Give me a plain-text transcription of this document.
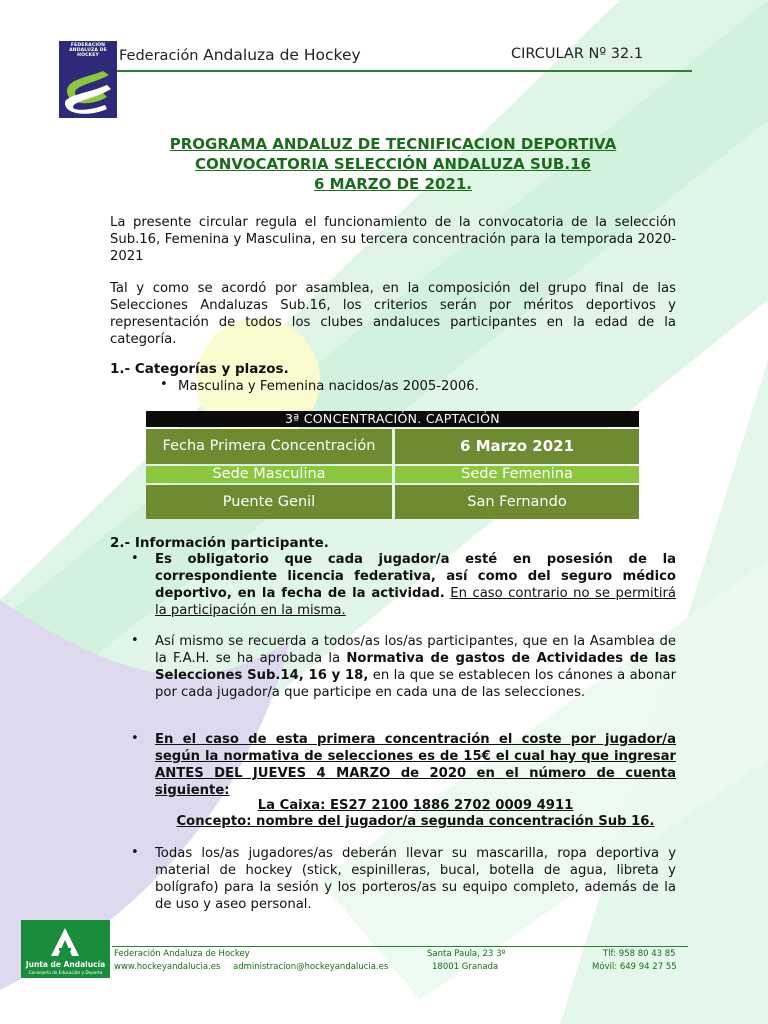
FEDERACIÓN ANDALUZA DE HOCKEY	Federación Andaluza de Hockey	CIRCULAR Nº 32.1
PROGRAMA ANDALUZ DE TECNIFICACION DEPORTIVA
CONVOCATORIA SELECCIÓN ANDALUZA SUB.16
6 MARZO DE 2021.
La presente circular regula el funcionamiento de la convocatoria de la selección Sub.16, Femenina y Masculina, en su tercera concentración para la temporada 2020-2021
Tal y como se acordó por asamblea, en la composición del grupo final de las Selecciones Andaluzas Sub.16, los criterios serán por méritos deportivos y representación de todos los clubes andaluces participantes en la edad de la categoría.
1.- Categorías y plazos.
• Masculina y Femenina nacidos/as 2005-2006.
3ª CONCENTRACIÓN. CAPTACIÓN
Fecha Primera Concentración	6 Marzo 2021
Sede Masculina	Sede Femenina
Puente Genil	San Fernando
2.- Información participante.
• Es obligatorio que cada jugador/a esté en posesión de la correspondiente licencia federativa, así como del seguro médico deportivo, en la fecha de la actividad. En caso contrario no se permitirá la participación en la misma.
• Así mismo se recuerda a todos/as los/as participantes, que en la Asamblea de la F.A.H. se ha aprobada la Normativa de gastos de Actividades de las Selecciones Sub.14, 16 y 18, en la que se establecen los cánones a abonar por cada jugador/a que participe en cada una de las selecciones.
• En el caso de esta primera concentración el coste por jugador/a según la normativa de selecciones es de 15€ el cual hay que ingresar ANTES DEL JUEVES 4 MARZO de 2020 en el número de cuenta siguiente:
La Caixa: ES27 2100 1886 2702 0009 4911
Concepto: nombre del jugador/a segunda concentración Sub 16.
• Todas los/as jugadores/as deberán llevar su mascarilla, ropa deportiva y material de hockey (stick, espinilleras, bucal, botella de agua, libreta y bolígrafo) para la sesión y los porteros/as su equipo completo, además de la de uso y aseo personal.
Junta de Andalucía
Consejería de Educación y Deporte
Federación Andaluza de Hockey
www.hockeyandalucia.es administracion@hockeyandalucia.es
Santa Paula, 23 3º
18001 Granada
Tlf: 958 80 43 85
Móvil: 649 94 27 55
